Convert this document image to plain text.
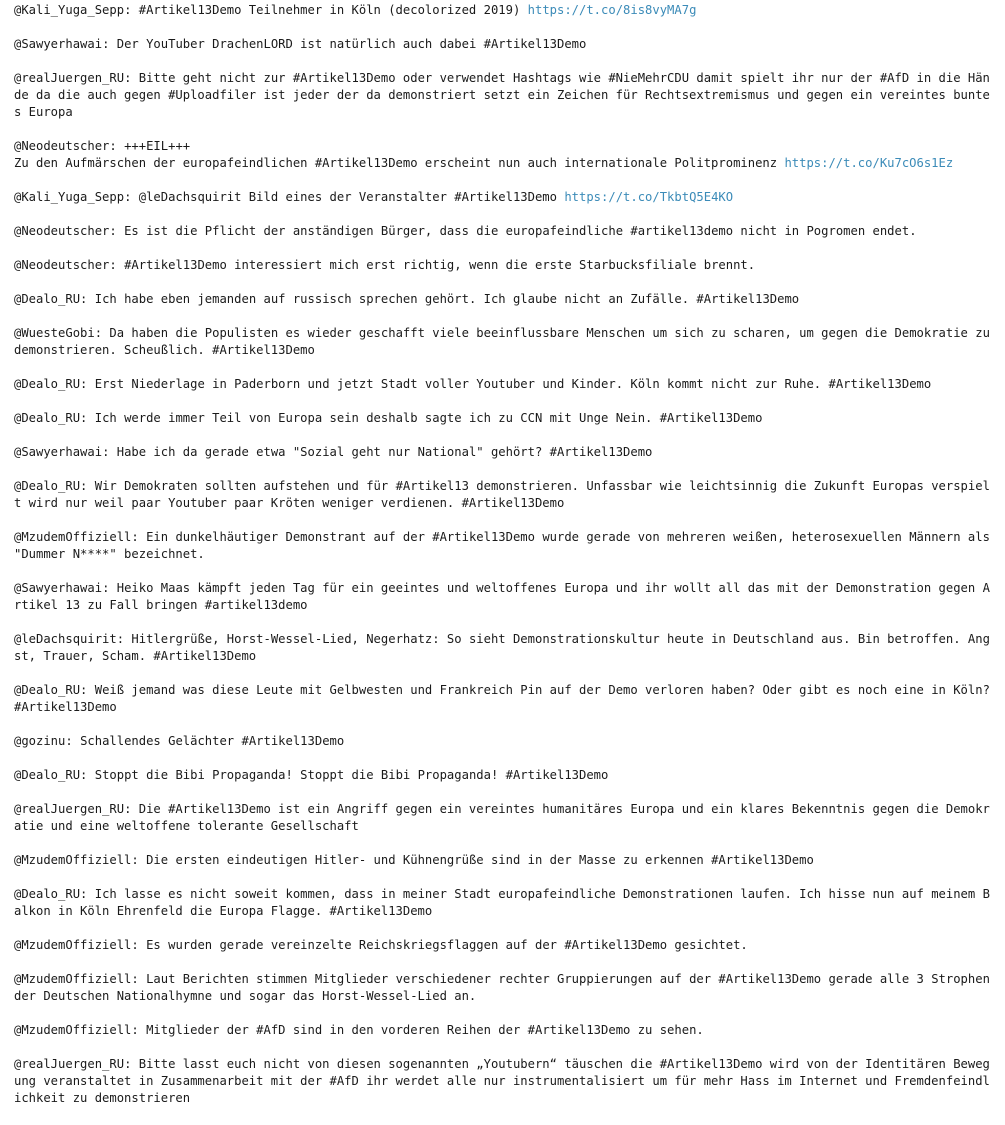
@Kali_Yuga_Sepp: #Artikel13Demo Teilnehmer in Köln (decolorized 2019) https://t.co/8is8vyMA7g
@Sawyerhawai: Der YouTuber DrachenLORD ist natürlich auch dabei #Artikel13Demo
@realJuergen_RU: Bitte geht nicht zur #Artikel13Demo oder verwendet Hashtags wie #NieMehrCDU damit spielt ihr nur der #AfD in die Hände da die auch gegen #Uploadfiler ist jeder der da demonstriert setzt ein Zeichen für Rechtsextremismus und gegen ein vereintes buntes Europa
@Neodeutscher: +++EIL+++
Zu den Aufmärschen der europafeindlichen #Artikel13Demo erscheint nun auch internationale Politprominenz https://t.co/Ku7cO6s1Ez
@Kali_Yuga_Sepp: @leDachsquirit Bild eines der Veranstalter #Artikel13Demo https://t.co/TkbtQ5E4KO
@Neodeutscher: Es ist die Pflicht der anständigen Bürger, dass die europafeindliche #artikel13demo nicht in Pogromen endet.
@Neodeutscher: #Artikel13Demo interessiert mich erst richtig, wenn die erste Starbucksfiliale brennt.
@Dealo_RU: Ich habe eben jemanden auf russisch sprechen gehört. Ich glaube nicht an Zufälle. #Artikel13Demo
@WuesteGobi: Da haben die Populisten es wieder geschafft viele beeinflussbare Menschen um sich zu scharen, um gegen die Demokratie zu demonstrieren. Scheußlich. #Artikel13Demo
@Dealo_RU: Erst Niederlage in Paderborn und jetzt Stadt voller Youtuber und Kinder. Köln kommt nicht zur Ruhe. #Artikel13Demo
@Dealo_RU: Ich werde immer Teil von Europa sein deshalb sagte ich zu CCN mit Unge Nein. #Artikel13Demo
@Sawyerhawai: Habe ich da gerade etwa "Sozial geht nur National" gehört? #Artikel13Demo
@Dealo_RU: Wir Demokraten sollten aufstehen und für #Artikel13 demonstrieren. Unfassbar wie leichtsinnig die Zukunft Europas verspielt wird nur weil paar Youtuber paar Kröten weniger verdienen. #Artikel13Demo
@MzudemOffiziell: Ein dunkelhäutiger Demonstrant auf der #Artikel13Demo wurde gerade von mehreren weißen, heterosexuellen Männern als "Dummer N****" bezeichnet.
@Sawyerhawai: Heiko Maas kämpft jeden Tag für ein geeintes und weltoffenes Europa und ihr wollt all das mit der Demonstration gegen Artikel 13 zu Fall bringen #artikel13demo
@leDachsquirit: Hitlergrüße, Horst-Wessel-Lied, Negerhatz: So sieht Demonstrationskultur heute in Deutschland aus. Bin betroffen. Angst, Trauer, Scham. #Artikel13Demo
@Dealo_RU: Weiß jemand was diese Leute mit Gelbwesten und Frankreich Pin auf der Demo verloren haben? Oder gibt es noch eine in Köln? #Artikel13Demo
@gozinu: Schallendes Gelächter #Artikel13Demo
@Dealo_RU: Stoppt die Bibi Propaganda! Stoppt die Bibi Propaganda! #Artikel13Demo
@realJuergen_RU: Die #Artikel13Demo ist ein Angriff gegen ein vereintes humanitäres Europa und ein klares Bekenntnis gegen die Demokratie und eine weltoffene tolerante Gesellschaft
@MzudemOffiziell: Die ersten eindeutigen Hitler- und Kühnengrüße sind in der Masse zu erkennen #Artikel13Demo
@Dealo_RU: Ich lasse es nicht soweit kommen, dass in meiner Stadt europafeindliche Demonstrationen laufen. Ich hisse nun auf meinem Balkon in Köln Ehrenfeld die Europa Flagge. #Artikel13Demo
@MzudemOffiziell: Es wurden gerade vereinzelte Reichskriegsflaggen auf der #Artikel13Demo gesichtet.
@MzudemOffiziell: Laut Berichten stimmen Mitglieder verschiedener rechter Gruppierungen auf der #Artikel13Demo gerade alle 3 Strophen der Deutschen Nationalhymne und sogar das Horst-Wessel-Lied an.
@MzudemOffiziell: Mitglieder der #AfD sind in den vorderen Reihen der #Artikel13Demo zu sehen.
@realJuergen_RU: Bitte lasst euch nicht von diesen sogenannten „Youtubern“ täuschen die #Artikel13Demo wird von der Identitären Bewegung veranstaltet in Zusammenarbeit mit der #AfD ihr werdet alle nur instrumentalisiert um für mehr Hass im Internet und Fremdenfeindlichkeit zu demonstrieren
